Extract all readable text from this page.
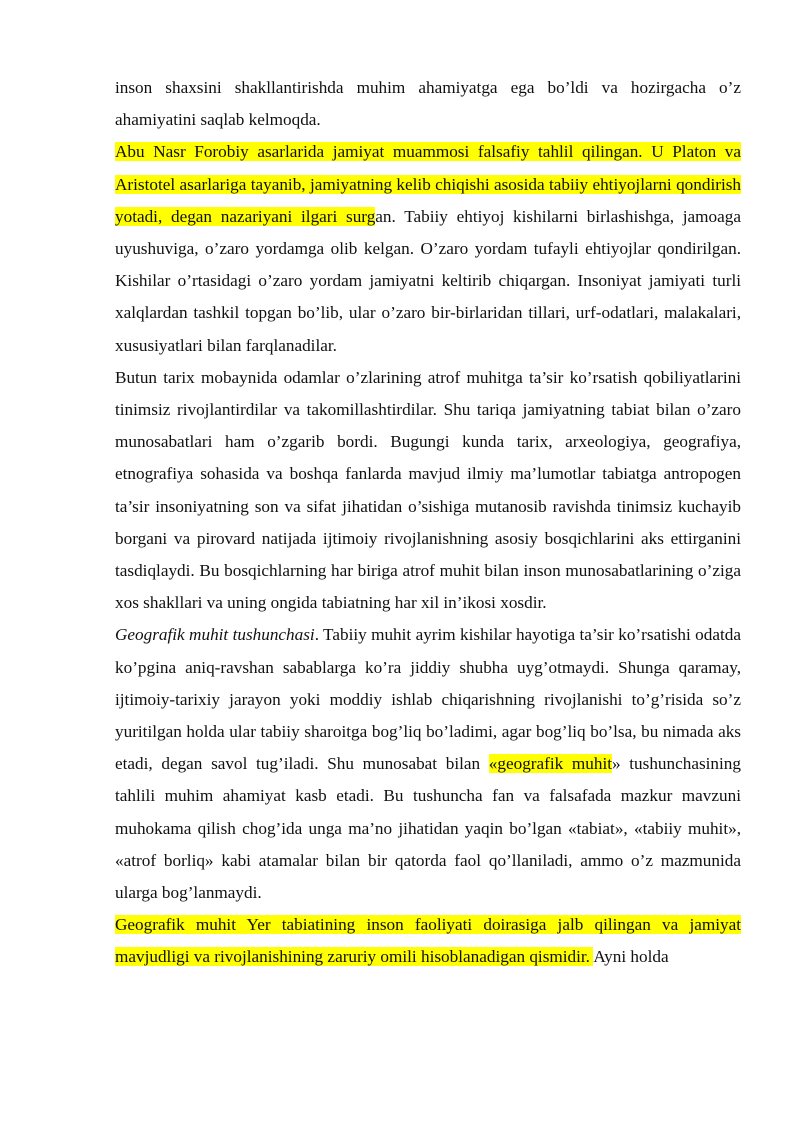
inson shaxsini shakllantirishda muhim ahamiyatga ega bo’ldi va hozirgacha o’z ahamiyatini saqlab kelmoqda.

Abu Nasr Forobiy asarlarida jamiyat muammosi falsafiy tahlil qilingan. U Platon va Aristotel asarlariga tayanib, jamiyatning kelib chiqishi asosida tabiiy ehtiyojlarni qondirish yotadi, degan nazariyani ilgari surgan. Tabiiy ehtiyoj kishilarni birlashishga, jamoaga uyushuviga, o’zaro yordamga olib kelgan. O’zaro yordam tufayli ehtiyojlar qondirilgan. Kishilar o’rtasidagi o’zaro yordam jamiyatni keltirib chiqargan. Insoniyat jamiyati turli xalqlardan tashkil topgan bo’lib, ular o’zaro bir-birlaridan tillari, urf-odatlari, malakalari, xususiyatlari bilan farqlanadilar.

Butun tarix mobaynida odamlar o’zlarining atrof muhitga ta’sir ko’rsatish qobiliyatlarini tinimsiz rivojlantirdilar va takomillashtirdilar. Shu tariqa jamiyatning tabiat bilan o’zaro munosabatlari ham o’zgarib bordi. Bugungi kunda tarix, arxeologiya, geografiya, etnografiya sohasida va boshqa fanlarda mavjud ilmiy ma’lumotlar tabiatga antropogen ta’sir insoniyatning son va sifat jihatidan o’sishiga mutanosib ravishda tinimsiz kuchayib borgani va pirovard natijada ijtimoiy rivojlanishning asosiy bosqichlarini aks ettirganini tasdiqlaydi. Bu bosqichlarning har biriga atrof muhit bilan inson munosabatlarining o’ziga xos shakllari va uning ongida tabiatning har xil in’ikosi xosdir.

Geografik muhit tushunchasi. Tabiiy muhit ayrim kishilar hayotiga ta’sir ko’rsatishi odatda ko’pgina aniq-ravshan sabablarga ko’ra jiddiy shubha uyg’otmaydi. Shunga qaramay, ijtimoiy-tarixiy jarayon yoki moddiy ishlab chiqarishning rivojlanishi to’g’risida so’z yuritilgan holda ular tabiiy sharoitga bog’liq bo’ladimi, agar bog’liq bo’lsa, bu nimada aks etadi, degan savol tug’iladi. Shu munosabat bilan «geografik muhit» tushunchasining tahlili muhim ahamiyat kasb etadi. Bu tushuncha fan va falsafada mazkur mavzuni muhokama qilish chog’ida unga ma’no jihatidan yaqin bo’lgan «tabiat», «tabiiy muhit», «atrof borliq» kabi atamalar bilan bir qatorda faol qo’llaniladi, ammo o’z mazmunida ularga bog’lanmaydi.

Geografik muhit Yer tabiatining inson faoliyati doirasiga jalb qilingan va jamiyat mavjudligi va rivojlanishining zaruriy omili hisoblanadigan qismidir. Ayni holda
